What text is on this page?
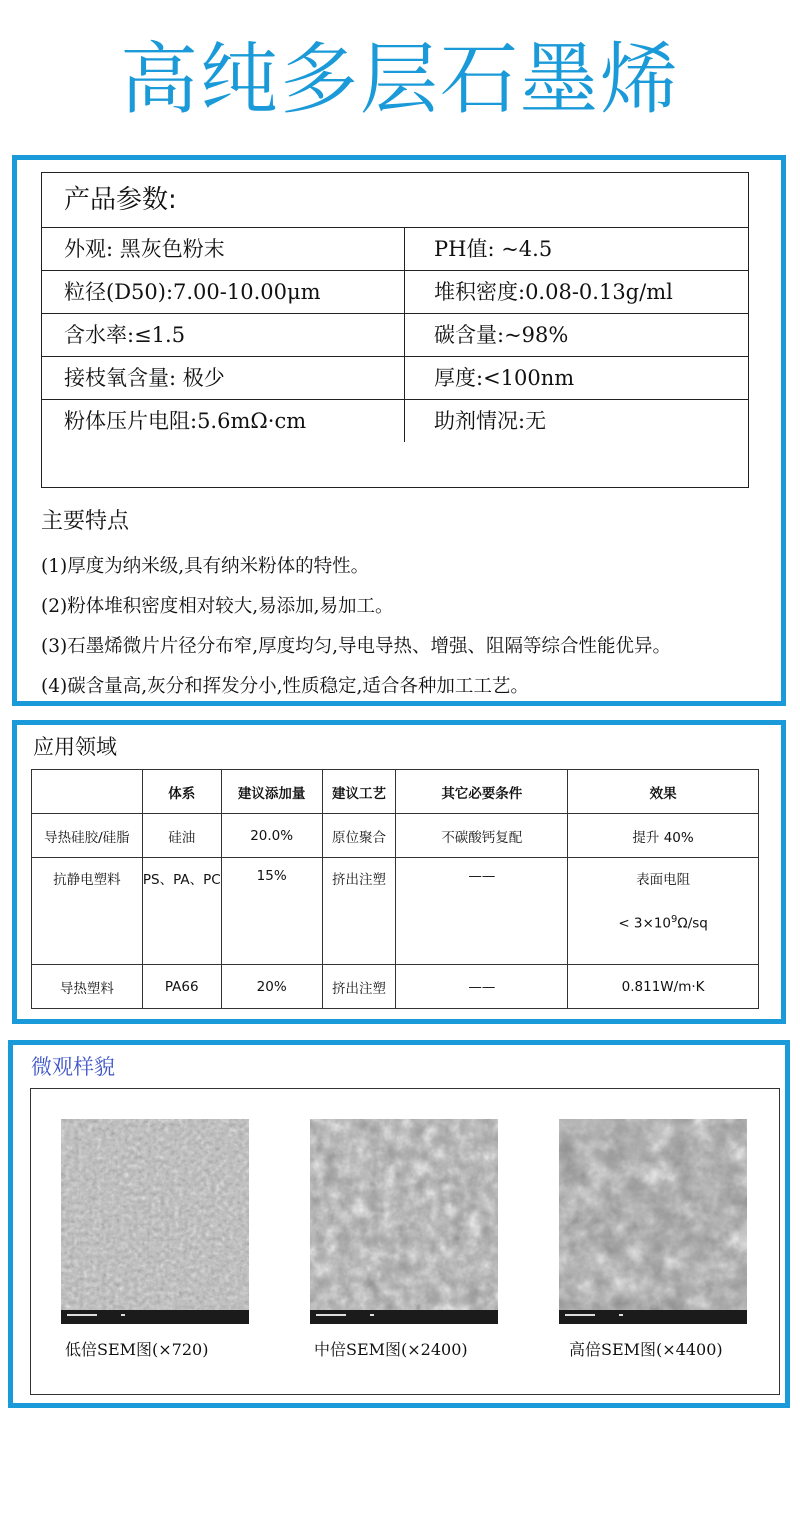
高纯多层石墨烯
产品参数:
外观: 黑灰色粉末	PH值: ~4.5
粒径(D50):7.00-10.00μm	堆积密度:0.08-0.13g/ml
含水率:≤1.5	碳含量:~98%
接枝氧含量: 极少	厚度:<100nm
粉体压片电阻:5.6mΩ·cm	助剂情况:无
主要特点
(1)厚度为纳米级,具有纳米粉体的特性。
(2)粉体堆积密度相对较大,易添加,易加工。
(3)石墨烯微片片径分布窄,厚度均匀,导电导热、增强、阻隔等综合性能优异。
(4)碳含量高,灰分和挥发分小,性质稳定,适合各种加工工艺。
应用领域
	体系	建议添加量	建议工艺	其它必要条件	效果
导热硅胶/硅脂	硅油	20.0%	原位聚合	不碳酸钙复配	提升 40%
抗静电塑料	PS、PA、PC	15%	挤出注塑	——	表面电阻
< $3\times 10^9\Omega/sq$

导热塑料	PA66	20%	挤出注塑	——	0.811W/m·K
微观样貌
低倍SEM图(×720)	中倍SEM图(×2400)	高倍SEM图(×4400)
